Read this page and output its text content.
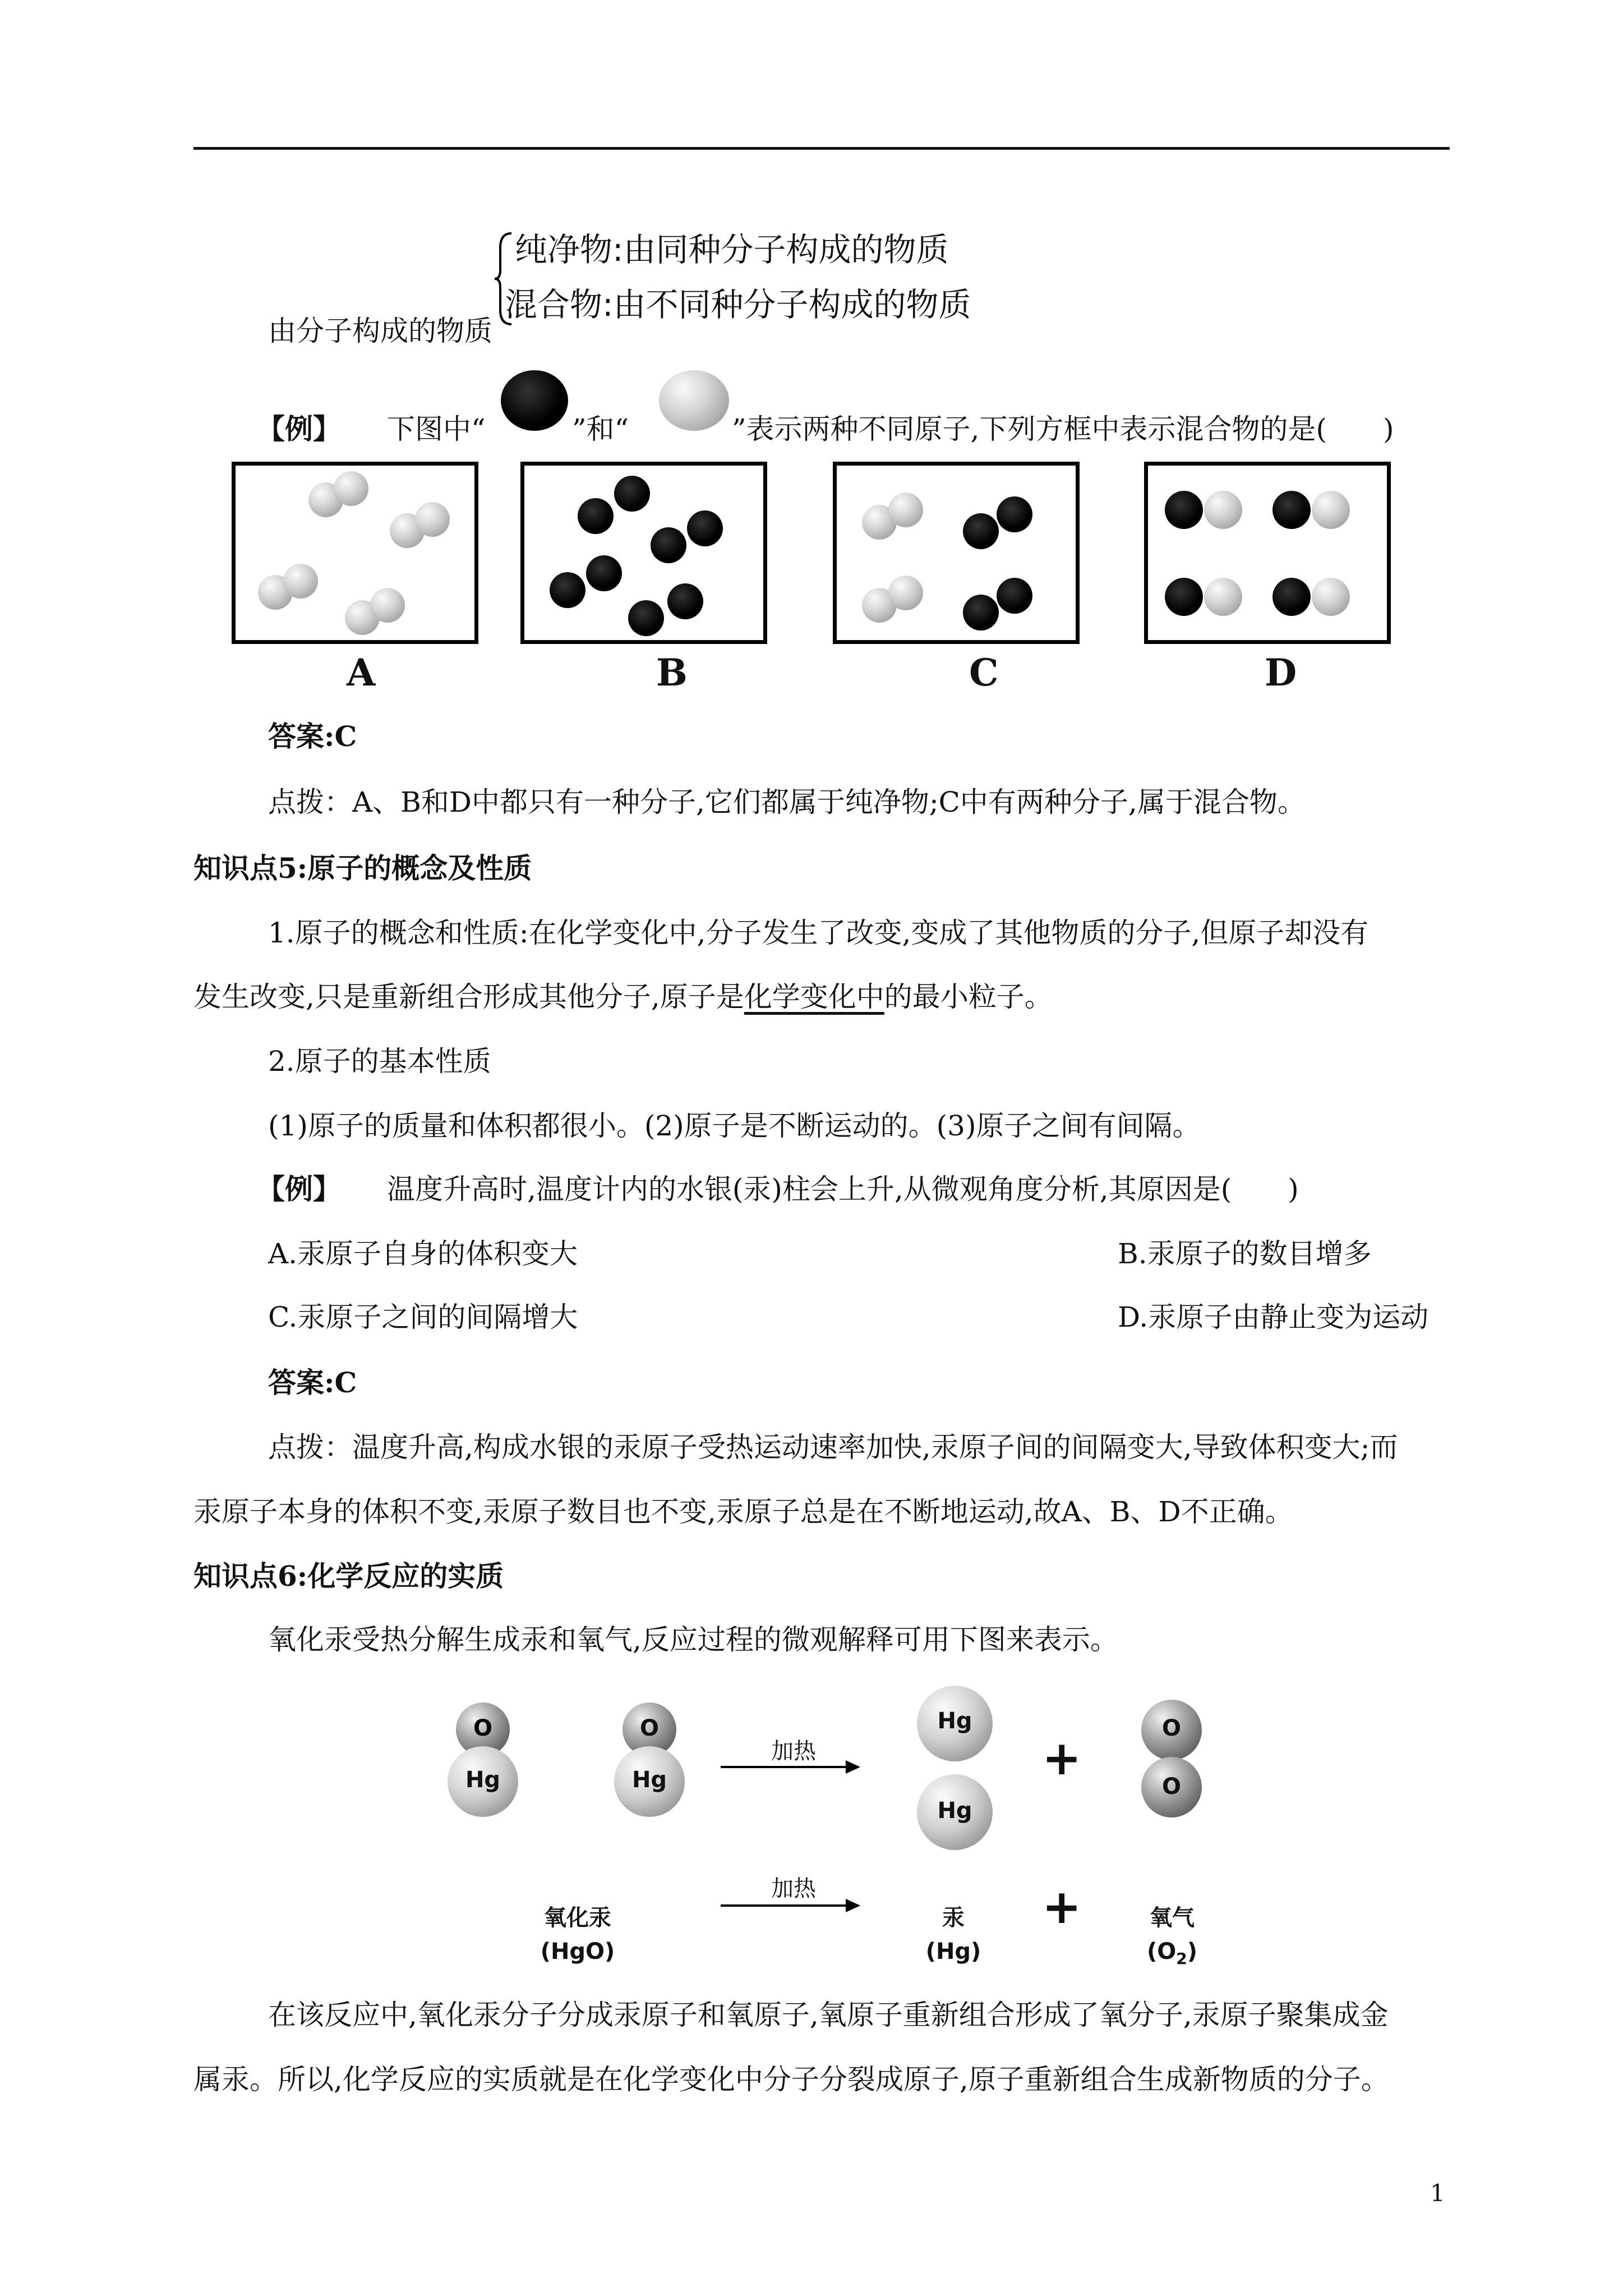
纯净物:由同种分子构成的物质
混合物:由不同种分子构成的物质
由分子构成的物质
【例】 下图中“	”和“	”表示两种不同原子,下列方框中表示混合物的是(　　)
A	B	C	D
答案:C
点拨：A、B和D中都只有一种分子,它们都属于纯净物;C中有两种分子,属于混合物。
知识点5:原子的概念及性质
1.原子的概念和性质:在化学变化中,分子发生了改变,变成了其他物质的分子,但原子却没有
发生改变,只是重新组合形成其他分子,原子是化学变化中的最小粒子。
2.原子的基本性质
(1)原子的质量和体积都很小。(2)原子是不断运动的。(3)原子之间有间隔。
【例】 温度升高时,温度计内的水银(汞)柱会上升,从微观角度分析,其原因是(　　)
A.汞原子自身的体积变大	B.汞原子的数目增多
C.汞原子之间的间隔增大	D.汞原子由静止变为运动
答案:C
点拨：温度升高,构成水银的汞原子受热运动速率加快,汞原子间的间隔变大,导致体积变大;而
汞原子本身的体积不变,汞原子数目也不变,汞原子总是在不断地运动,故A、B、D不正确。
知识点6:化学反应的实质
氧化汞受热分解生成汞和氧气,反应过程的微观解释可用下图来表示。
O
Hg
O
Hg
加热
Hg
Hg
+
O
O
氧化汞
(HgO)
加热
汞
(Hg)
+	氧气
$(O_2)$
在该反应中,氧化汞分子分成汞原子和氧原子,氧原子重新组合形成了氧分子,汞原子聚集成金
属汞。所以,化学反应的实质就是在化学变化中分子分裂成原子,原子重新组合生成新物质的分子。
1
